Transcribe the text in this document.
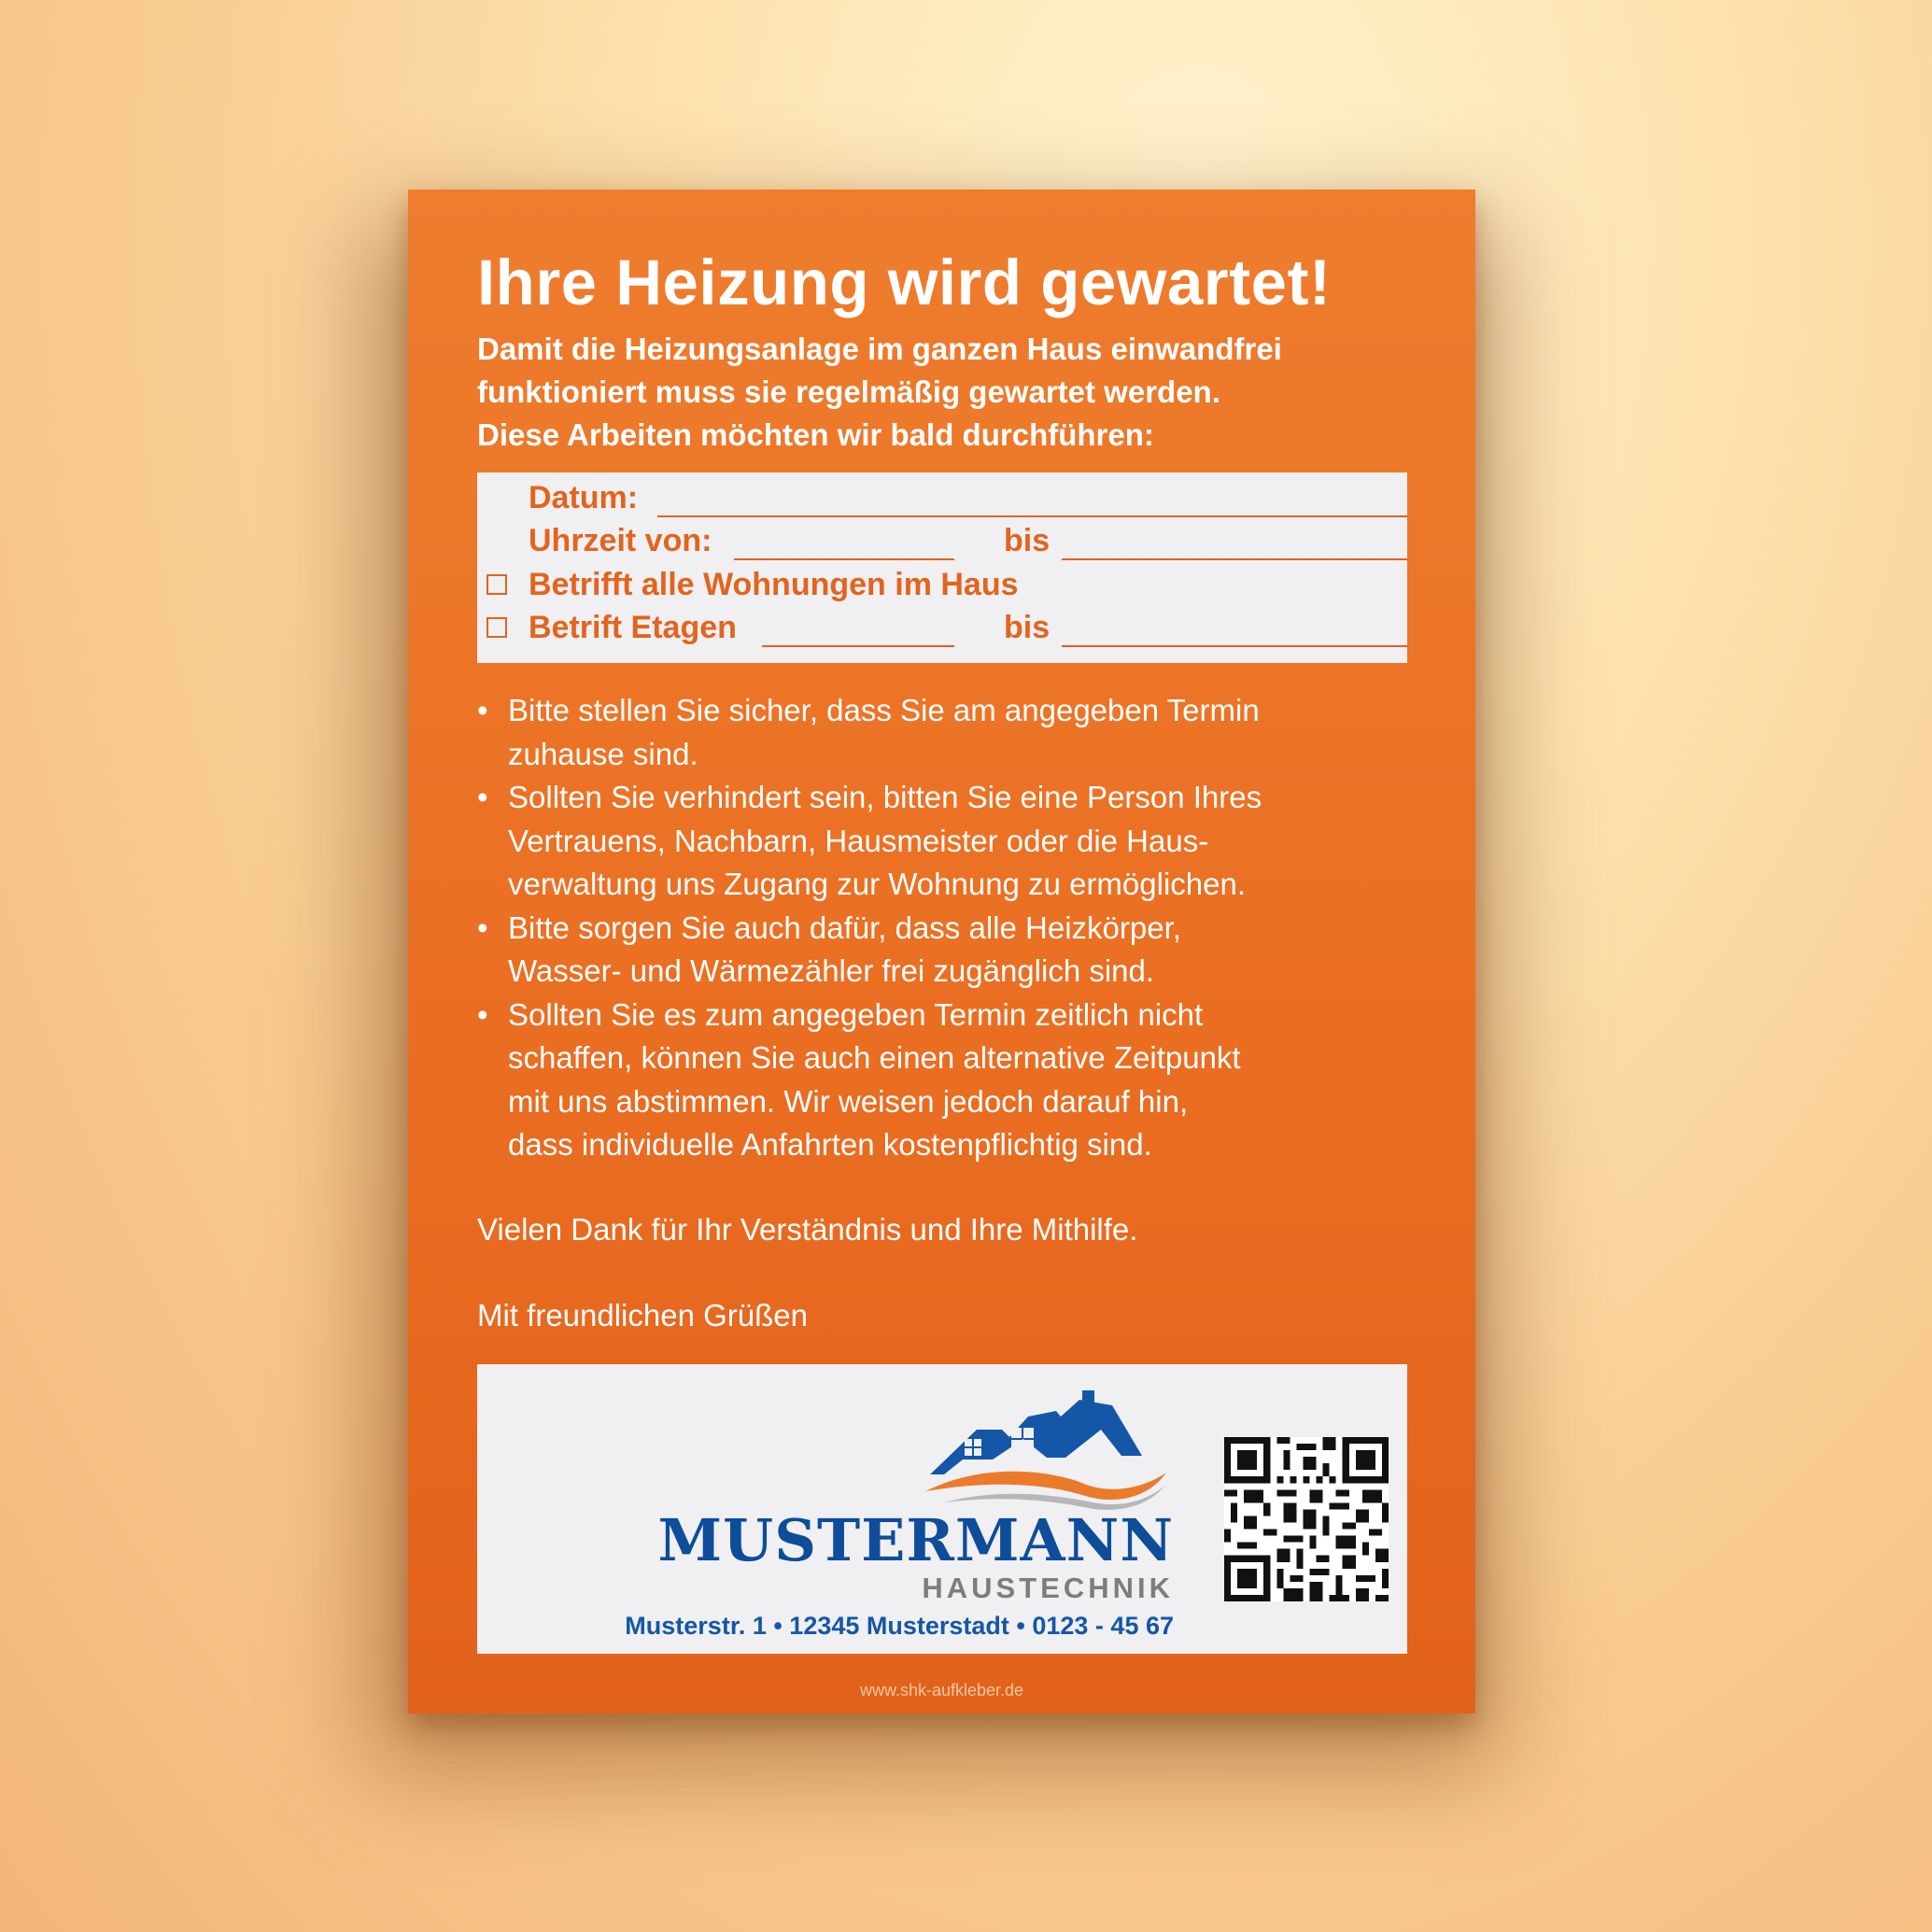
Ihre Heizung wird gewartet!
Damit die Heizungsanlage im ganzen Haus einwandfrei
funktioniert muss sie regelmäßig gewartet werden.
Diese Arbeiten möchten wir bald durchführen:
Datum:
Uhrzeit von:	bis
Betrifft alle Wohnungen im Haus
Betrift Etagen	bis
• Bitte stellen Sie sicher, dass Sie am angegeben Termin
zuhause sind.
• Sollten Sie verhindert sein, bitten Sie eine Person Ihres
Vertrauens, Nachbarn, Hausmeister oder die Haus-
verwaltung uns Zugang zur Wohnung zu ermöglichen.
• Bitte sorgen Sie auch dafür, dass alle Heizkörper,
Wasser- und Wärmezähler frei zugänglich sind.
• Sollten Sie es zum angegeben Termin zeitlich nicht
schaffen, können Sie auch einen alternative Zeitpunkt
mit uns abstimmen. Wir weisen jedoch darauf hin,
dass individuelle Anfahrten kostenpflichtig sind.
Vielen Dank für Ihr Verständnis und Ihre Mithilfe.
Mit freundlichen Grüßen
MUSTERMANN
HAUSTECHNIK
Musterstr. 1 • 12345 Musterstadt • 0123 - 45 67
www.shk-aufkleber.de
